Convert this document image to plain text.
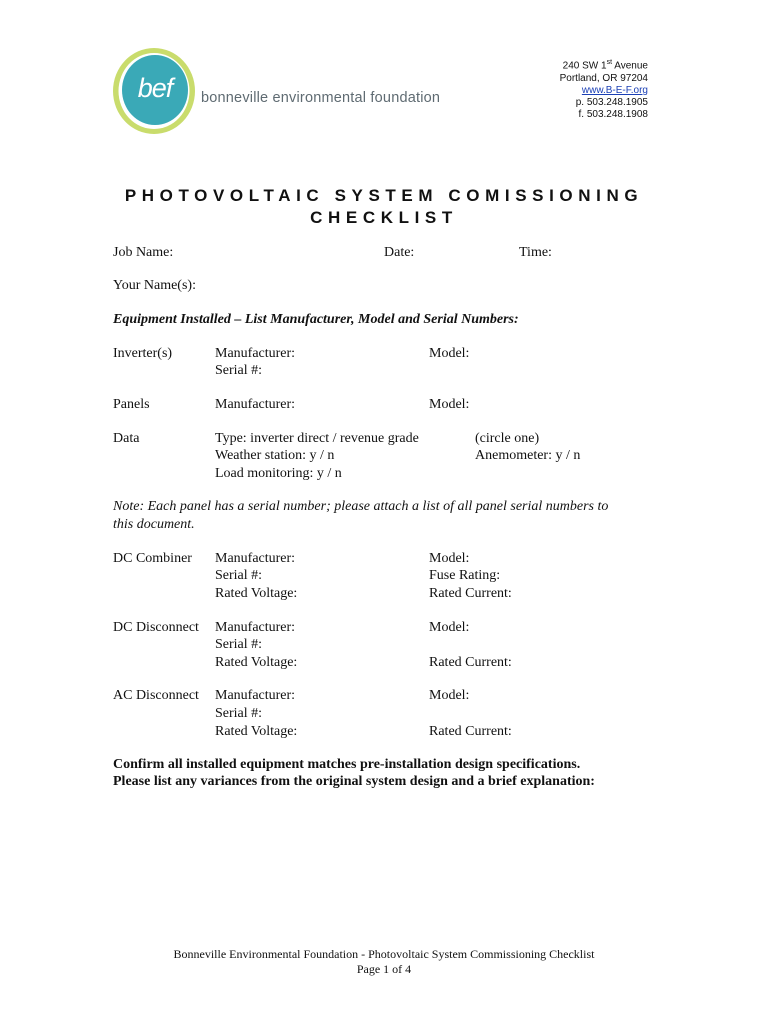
bef	bonneville environmental foundation
240 SW 1st Avenue
Portland, OR 97204
www.B-E-F.org
p. 503.248.1905
f. 503.248.1908
PHOTOVOLTAIC SYSTEM COMISSIONING
CHECKLIST
Job Name:	Date:	Time:
Your Name(s):
Equipment Installed – List Manufacturer, Model and Serial Numbers:
Inverter(s)	Manufacturer:	Model:
Serial #:
Panels	Manufacturer:	Model:
Data	Type: inverter direct / revenue grade	(circle one)
Weather station: y / n	Anemometer: y / n
Load monitoring: y / n
Note: Each panel has a serial number; please attach a list of all panel serial numbers to
this document.
DC Combiner Manufacturer:	Model:
Serial #:	Fuse Rating:
Rated Voltage:	Rated Current:
DC Disconnect Manufacturer:	Model:
Serial #:
Rated Voltage:	Rated Current:
AC Disconnect Manufacturer:	Model:
Serial #:
Rated Voltage:	Rated Current:
Confirm all installed equipment matches pre-installation design specifications.
Please list any variances from the original system design and a brief explanation:
Bonneville Environmental Foundation - Photovoltaic System Commissioning Checklist
Page 1 of 4
